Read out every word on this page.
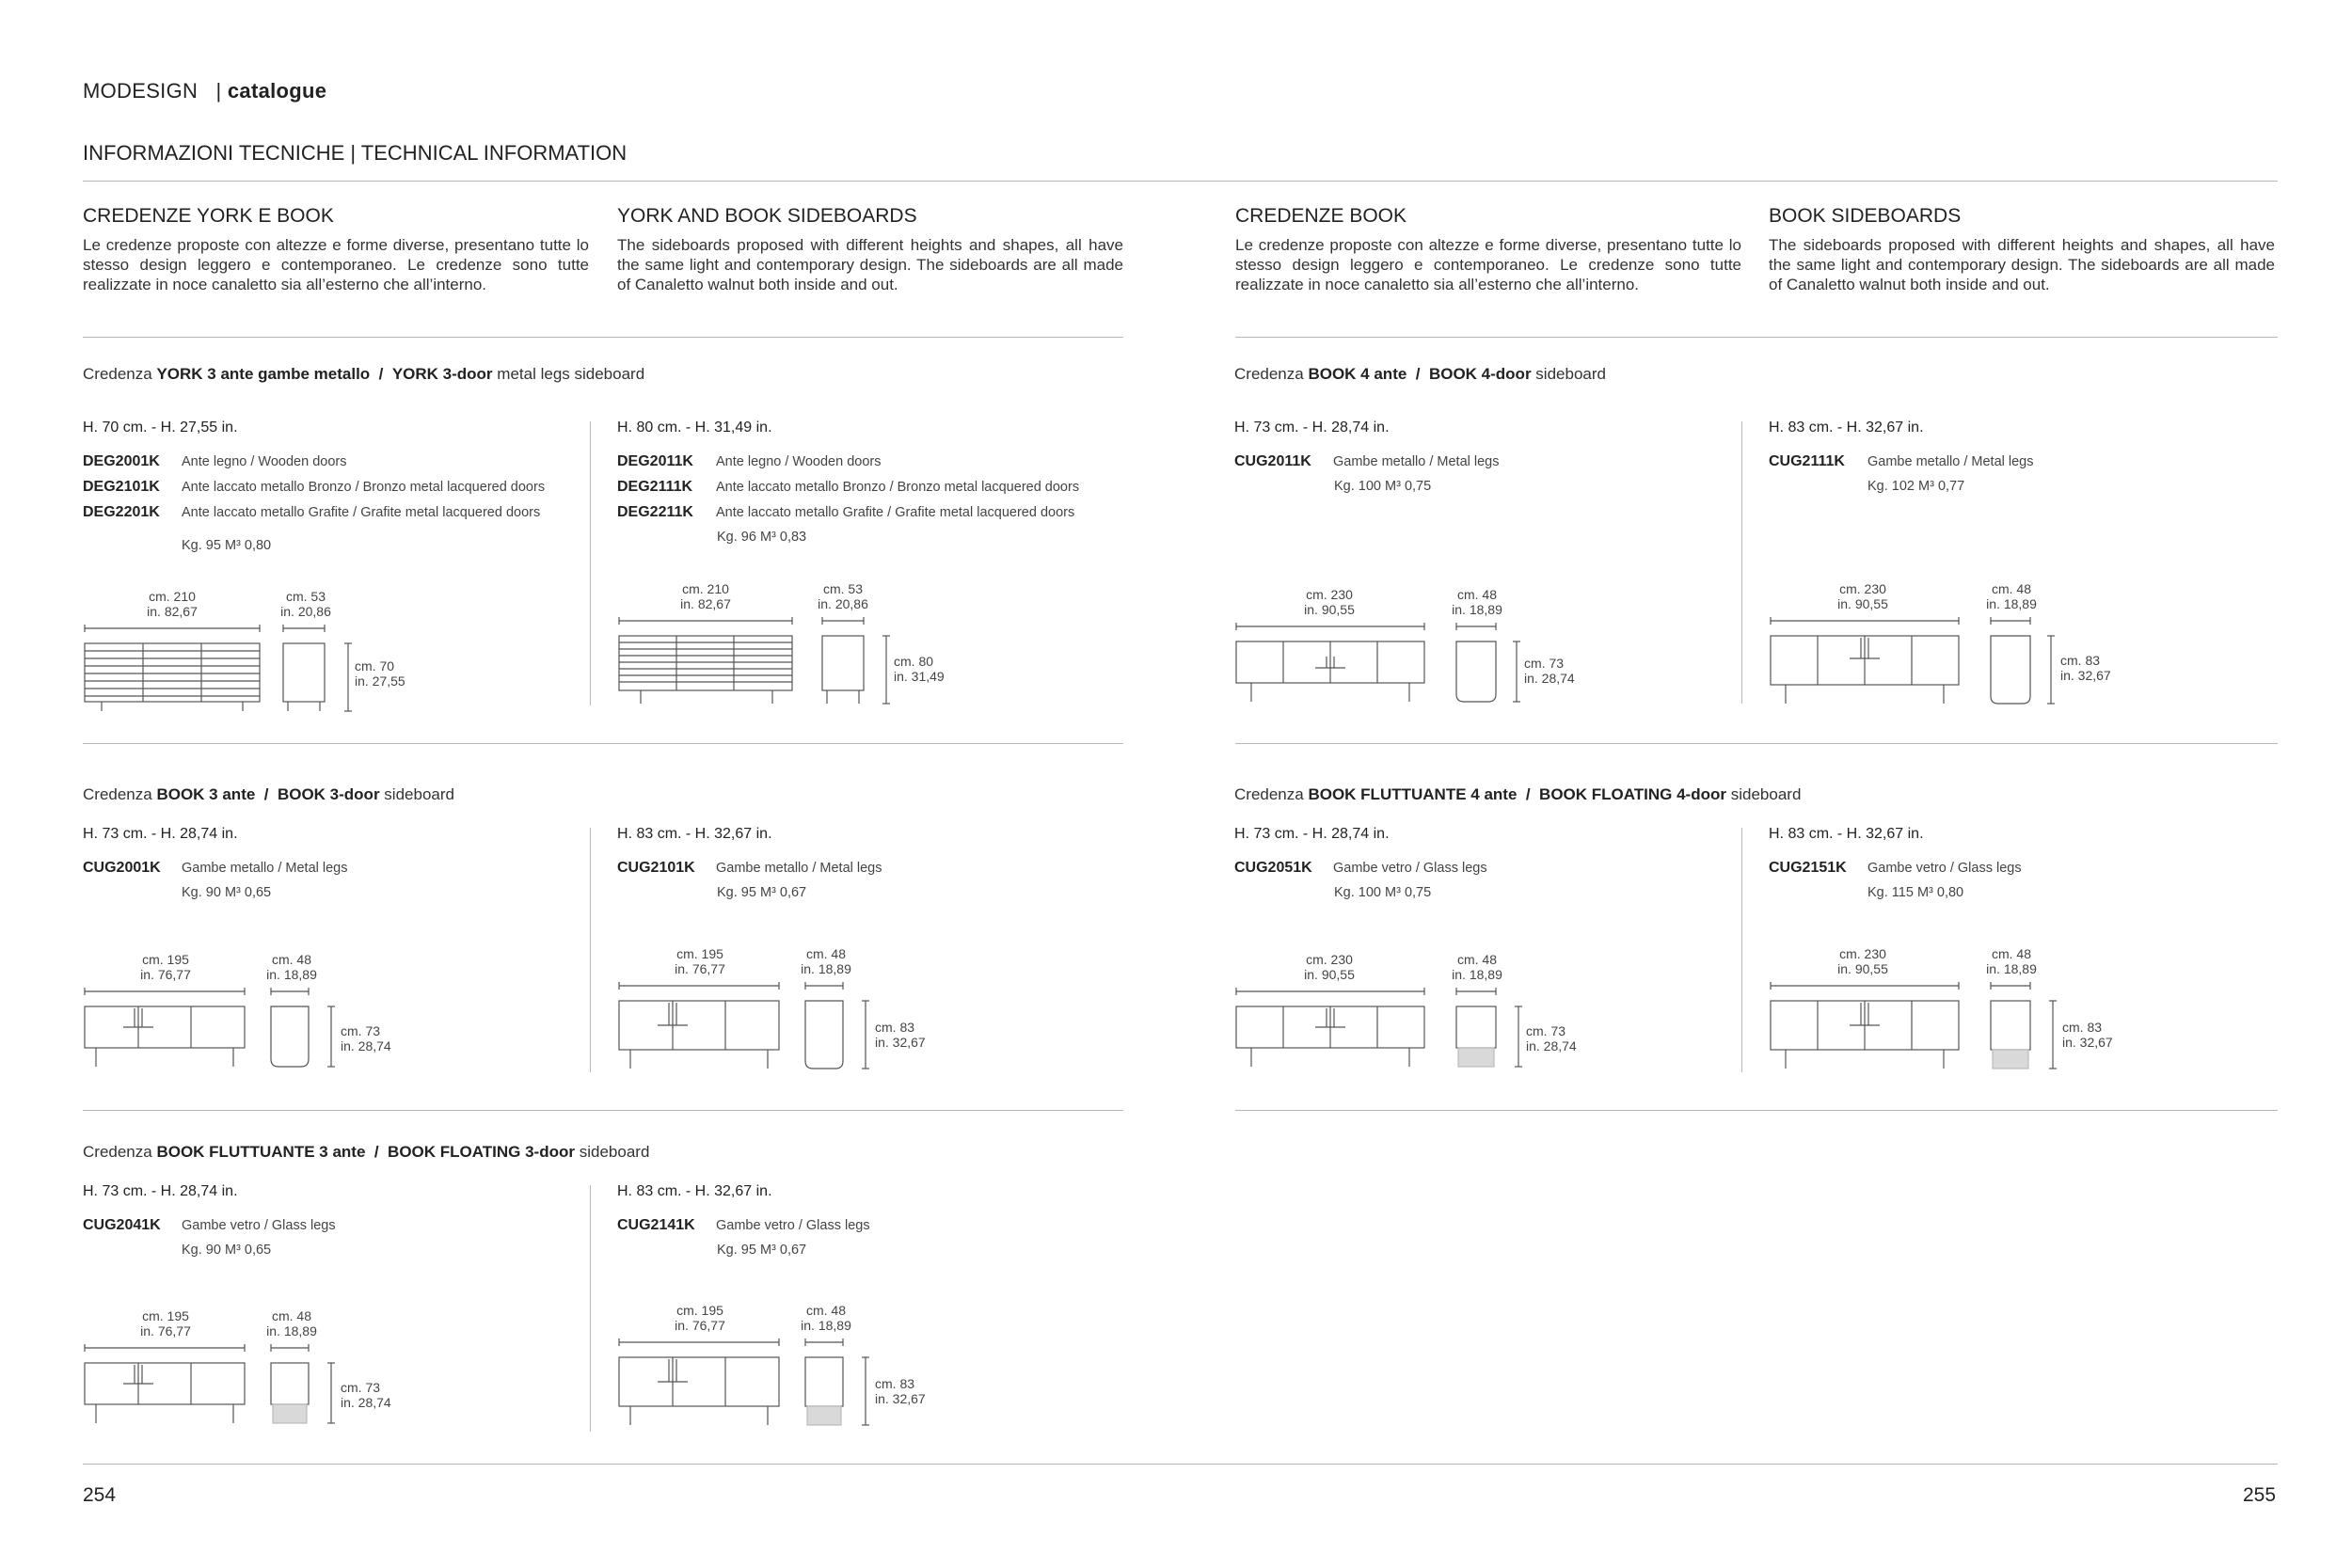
MODESIGN | catalogue
INFORMAZIONI TECNICHE | TECHNICAL INFORMATION
CREDENZE YORK E BOOK
Le credenze proposte con altezze e forme diverse, presentano tutte lo stesso design leggero e contemporaneo. Le credenze sono tutte realizzate in noce canaletto sia all’esterno che all’interno.
YORK AND BOOK SIDEBOARDS
The sideboards proposed with different heights and shapes, all have the same light and contemporary design. The sideboards are all made of Canaletto walnut both inside and out.
CREDENZE BOOK
Le credenze proposte con altezze e forme diverse, presentano tutte lo stesso design leggero e contemporaneo. Le credenze sono tutte realizzate in noce canaletto sia all’esterno che all’interno.
BOOK SIDEBOARDS
The sideboards proposed with different heights and shapes, all have the same light and contemporary design. The sideboards are all made of Canaletto walnut both inside and out.
Credenza YORK 3 ante gambe metallo / YORK 3-door metal legs sideboard
H. 70 cm. - H. 27,55 in.
DEG2001K Ante legno / Wooden doors
DEG2101K Ante laccato metallo Bronzo / Bronzo metal lacquered doors
DEG2201K Ante laccato metallo Grafite / Grafite metal lacquered doors
Kg. 95 M³ 0,80
cm. 210
in. 82,67
cm. 53
in. 20,86
cm. 70
in. 27,55
H. 80 cm. - H. 31,49 in.
DEG2011K Ante legno / Wooden doors
DEG2111K Ante laccato metallo Bronzo / Bronzo metal lacquered doors
DEG2211K Ante laccato metallo Grafite / Grafite metal lacquered doors
Kg. 96 M³ 0,83
cm. 210
in. 82,67
cm. 53
in. 20,86
cm. 80
in. 31,49
Credenza BOOK 4 ante / BOOK 4-door sideboard
H. 73 cm. - H. 28,74 in.
CUG2011K Gambe metallo / Metal legs
Kg. 100 M³ 0,75
cm. 230
in. 90,55
cm. 48
in. 18,89
cm. 73
in. 28,74
H. 83 cm. - H. 32,67 in.
CUG2111K Gambe metallo / Metal legs
Kg. 102 M³ 0,77
cm. 230
in. 90,55
cm. 48
in. 18,89
cm. 83
in. 32,67
Credenza BOOK 3 ante / BOOK 3-door sideboard
H. 73 cm. - H. 28,74 in.
CUG2001K Gambe metallo / Metal legs
Kg. 90 M³ 0,65
cm. 195
in. 76,77
cm. 48
in. 18,89
cm. 73
in. 28,74
H. 83 cm. - H. 32,67 in.
CUG2101K Gambe metallo / Metal legs
Kg. 95 M³ 0,67
cm. 195
in. 76,77
cm. 48
in. 18,89
cm. 83
in. 32,67
Credenza BOOK FLUTTUANTE 4 ante / BOOK FLOATING 4-door sideboard
H. 73 cm. - H. 28,74 in.
CUG2051K Gambe vetro / Glass legs
Kg. 100 M³ 0,75
cm. 230
in. 90,55
cm. 48
in. 18,89
cm. 73
in. 28,74
H. 83 cm. - H. 32,67 in.
CUG2151K Gambe vetro / Glass legs
Kg. 115 M³ 0,80
cm. 230
in. 90,55
cm. 48
in. 18,89
cm. 83
in. 32,67
Credenza BOOK FLUTTUANTE 3 ante / BOOK FLOATING 3-door sideboard
H. 73 cm. - H. 28,74 in.
CUG2041K Gambe vetro / Glass legs
Kg. 90 M³ 0,65
cm. 195
in. 76,77
cm. 48
in. 18,89
cm. 73
in. 28,74
H. 83 cm. - H. 32,67 in.
CUG2141K Gambe vetro / Glass legs
Kg. 95 M³ 0,67
cm. 195
in. 76,77
cm. 48
in. 18,89
cm. 83
in. 32,67
254	255
